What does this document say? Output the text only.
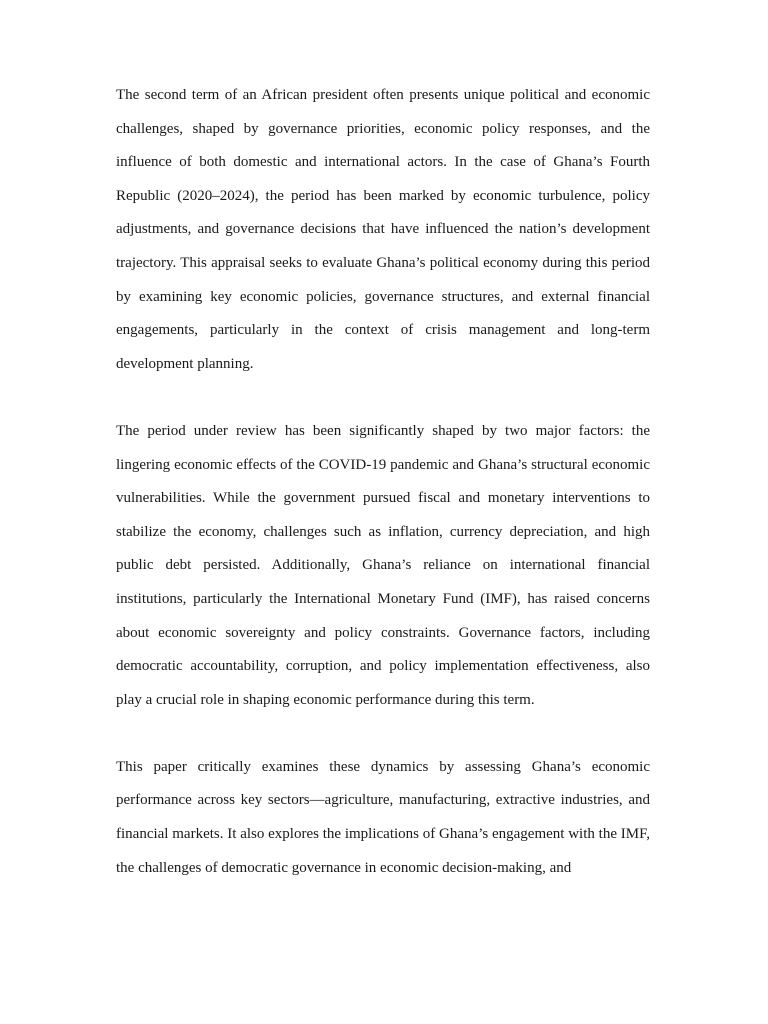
The second term of an African president often presents unique political and economic challenges, shaped by governance priorities, economic policy responses, and the influence of both domestic and international actors. In the case of Ghana’s Fourth Republic (2020–2024), the period has been marked by economic turbulence, policy adjustments, and governance decisions that have influenced the nation’s development trajectory. This appraisal seeks to evaluate Ghana’s political economy during this period by examining key economic policies, governance structures, and external financial engagements, particularly in the context of crisis management and long-term development planning.

The period under review has been significantly shaped by two major factors: the lingering economic effects of the COVID-19 pandemic and Ghana’s structural economic vulnerabilities. While the government pursued fiscal and monetary interventions to stabilize the economy, challenges such as inflation, currency depreciation, and high public debt persisted. Additionally, Ghana’s reliance on international financial institutions, particularly the International Monetary Fund (IMF), has raised concerns about economic sovereignty and policy constraints. Governance factors, including democratic accountability, corruption, and policy implementation effectiveness, also play a crucial role in shaping economic performance during this term.

This paper critically examines these dynamics by assessing Ghana’s economic performance across key sectors—agriculture, manufacturing, extractive industries, and financial markets. It also explores the implications of Ghana’s engagement with the IMF, the challenges of democratic governance in economic decision-making, and
